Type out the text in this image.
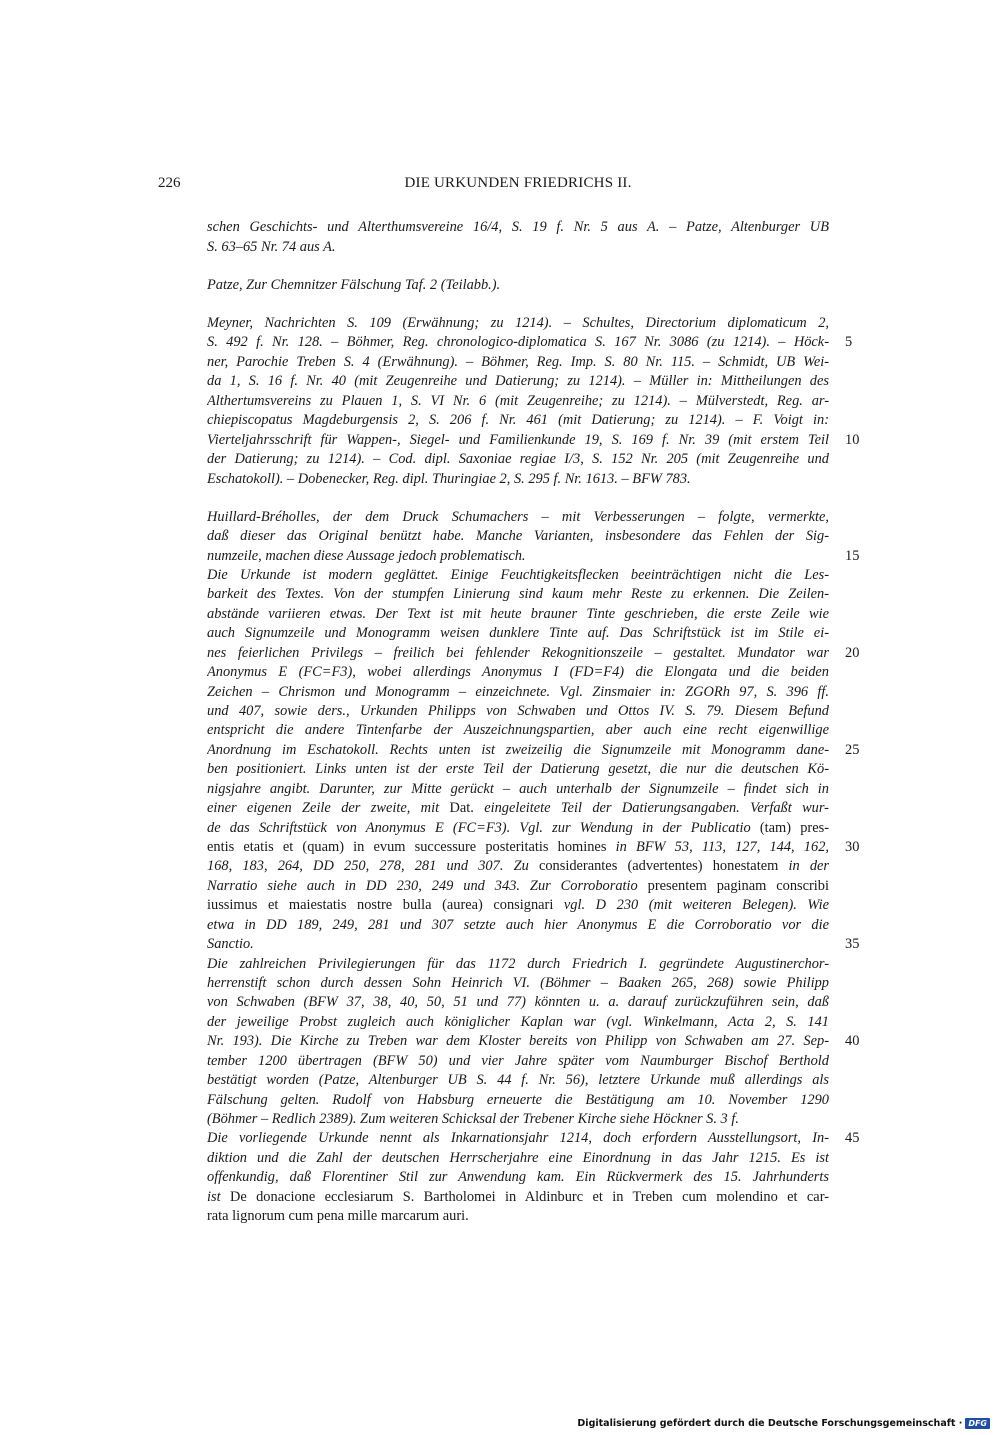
226	DIE URKUNDEN FRIEDRICHS II.
schen Geschichts- und Alterthumsvereine 16/4, S. 19 f. Nr. 5 aus A. – Patze, Altenburger UB
S. 63–65 Nr. 74 aus A.
Patze, Zur Chemnitzer Fälschung Taf. 2 (Teilabb.).
Meyner, Nachrichten S. 109 (Erwähnung; zu 1214). – Schultes, Directorium diplomaticum 2,
S. 492 f. Nr. 128. – Böhmer, Reg. chronologico-diplomatica S. 167 Nr. 3086 (zu 1214). – Höck-
ner, Parochie Treben S. 4 (Erwähnung). – Böhmer, Reg. Imp. S. 80 Nr. 115. – Schmidt, UB Wei-
da 1, S. 16 f. Nr. 40 (mit Zeugenreihe und Datierung; zu 1214). – Müller in: Mittheilungen des
Althertumsvereins zu Plauen 1, S. VI Nr. 6 (mit Zeugenreihe; zu 1214). – Mülverstedt, Reg. ar-
chiepiscopatus Magdeburgensis 2, S. 206 f. Nr. 461 (mit Datierung; zu 1214). – F. Voigt in:
Vierteljahrsschrift für Wappen-, Siegel- und Familienkunde 19, S. 169 f. Nr. 39 (mit erstem Teil
der Datierung; zu 1214). – Cod. dipl. Saxoniae regiae I/3, S. 152 Nr. 205 (mit Zeugenreihe und
Eschatokoll). – Dobenecker, Reg. dipl. Thuringiae 2, S. 295 f. Nr. 1613. – BFW 783.
Huillard-Bréholles, der dem Druck Schumachers – mit Verbesserungen – folgte, vermerkte,
daß dieser das Original benützt habe. Manche Varianten, insbesondere das Fehlen der Sig-
numzeile, machen diese Aussage jedoch problematisch.
Die Urkunde ist modern geglättet. Einige Feuchtigkeitsflecken beeinträchtigen nicht die Les-
barkeit des Textes. Von der stumpfen Linierung sind kaum mehr Reste zu erkennen. Die Zeilen-
abstände variieren etwas. Der Text ist mit heute brauner Tinte geschrieben, die erste Zeile wie
auch Signumzeile und Monogramm weisen dunklere Tinte auf. Das Schriftstück ist im Stile ei-
nes feierlichen Privilegs – freilich bei fehlender Rekognitionszeile – gestaltet. Mundator war
Anonymus E (FC=F3), wobei allerdings Anonymus I (FD=F4) die Elongata und die beiden
Zeichen – Chrismon und Monogramm – einzeichnete. Vgl. Zinsmaier in: ZGORh 97, S. 396 ff.
und 407, sowie ders., Urkunden Philipps von Schwaben und Ottos IV. S. 79. Diesem Befund
entspricht die andere Tintenfarbe der Auszeichnungspartien, aber auch eine recht eigenwillige
Anordnung im Eschatokoll. Rechts unten ist zweizeilig die Signumzeile mit Monogramm dane-
ben positioniert. Links unten ist der erste Teil der Datierung gesetzt, die nur die deutschen Kö-
nigsjahre angibt. Darunter, zur Mitte gerückt – auch unterhalb der Signumzeile – findet sich in
einer eigenen Zeile der zweite, mit Dat. eingeleitete Teil der Datierungsangaben. Verfaßt wur-
de das Schriftstück von Anonymus E (FC=F3). Vgl. zur Wendung in der Publicatio (tam) pres-
entis etatis et (quam) in evum successure posteritatis homines in BFW 53, 113, 127, 144, 162,
168, 183, 264, DD 250, 278, 281 und 307. Zu considerantes (advertentes) honestatem in der
Narratio siehe auch in DD 230, 249 und 343. Zur Corroboratio presentem paginam conscribi
iussimus et maiestatis nostre bulla (aurea) consignari vgl. D 230 (mit weiteren Belegen). Wie
etwa in DD 189, 249, 281 und 307 setzte auch hier Anonymus E die Corroboratio vor die
Sanctio.
Die zahlreichen Privilegierungen für das 1172 durch Friedrich I. gegründete Augustinerchor-
herrenstift schon durch dessen Sohn Heinrich VI. (Böhmer – Baaken 265, 268) sowie Philipp
von Schwaben (BFW 37, 38, 40, 50, 51 und 77) könnten u. a. darauf zurückzuführen sein, daß
der jeweilige Probst zugleich auch königlicher Kaplan war (vgl. Winkelmann, Acta 2, S. 141
Nr. 193). Die Kirche zu Treben war dem Kloster bereits von Philipp von Schwaben am 27. Sep-
tember 1200 übertragen (BFW 50) und vier Jahre später vom Naumburger Bischof Berthold
bestätigt worden (Patze, Altenburger UB S. 44 f. Nr. 56), letztere Urkunde muß allerdings als
Fälschung gelten. Rudolf von Habsburg erneuerte die Bestätigung am 10. November 1290
(Böhmer – Redlich 2389). Zum weiteren Schicksal der Trebener Kirche siehe Höckner S. 3 f.
Die vorliegende Urkunde nennt als Inkarnationsjahr 1214, doch erfordern Ausstellungsort, In-
diktion und die Zahl der deutschen Herrscherjahre eine Einordnung in das Jahr 1215. Es ist
offenkundig, daß Florentiner Stil zur Anwendung kam. Ein Rückvermerk des 15. Jahrhunderts
ist De donacione ecclesiarum S. Bartholomei in Aldinburc et in Treben cum molendino et car-
rata lignorum cum pena mille marcarum auri.
5
10
15
20
25
30
35
40
45
Digitalisierung gefördert durch die Deutsche Forschungsgemeinschaft · DFG
